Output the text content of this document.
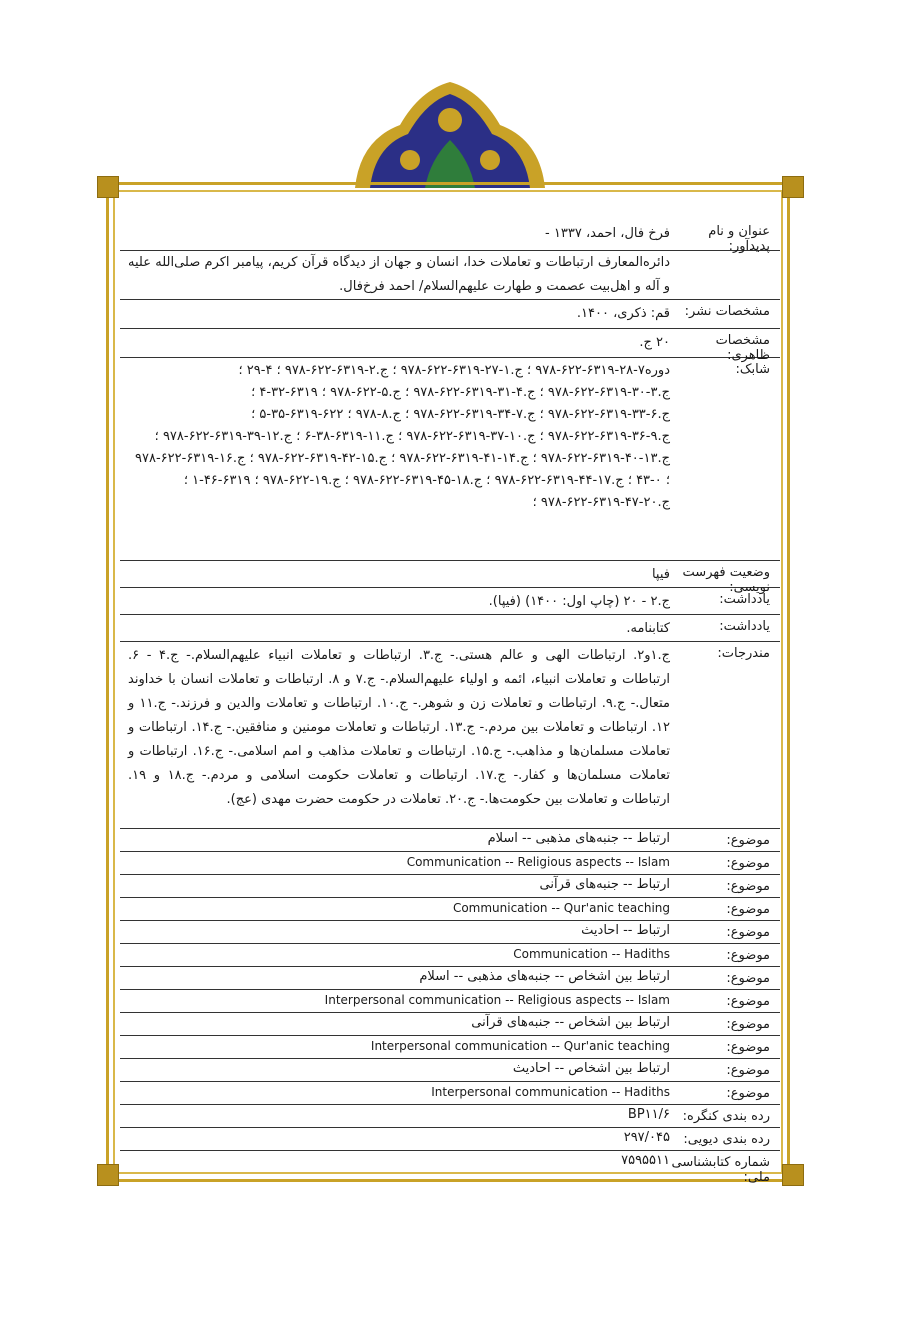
عنوان و نام پدیدآور:
فرخ فال، احمد، ۱۳۳۷ -
دائره‌المعارف ارتباطات و تعاملات خدا، انسان و جهان از دیدگاه قرآن کریم، پیامبر اکرم صلی‌الله علیه و آله و اهل‌بیت عصمت و طهارت علیهم‌السلام/ احمد فرخ‌فال.
مشخصات نشر:
قم: ذکری، ۱۴۰۰.
مشخصات ظاهری:
۲۰ ج.
شابک:
دوره۷-۲۸-۶۳۱۹-۶۲۲-۹۷۸ ؛ ج.۱-۲۷-۶۳۱۹-۶۲۲-۹۷۸ ؛ ج.۲-۶۳۱۹-۶۲۲-۹۷۸ ؛ ۴-۲۹ ؛ ج.۳-۳۰-۶۳۱۹-۶۲۲-۹۷۸ ؛ ج.۴-۳۱-۶۳۱۹-۶۲۲-۹۷۸ ؛ ج.۵-۶۲۲-۹۷۸ ؛ ۶۳۱۹-۳۲-۴ ؛ ج.۶-۳۳-۶۳۱۹-۶۲۲-۹۷۸ ؛ ج.۷-۳۴-۶۳۱۹-۶۲۲-۹۷۸ ؛ ج.۸-۹۷۸ ؛ ۶۲۲-۶۳۱۹-۳۵-۵ ؛ ج.۹-۳۶-۶۳۱۹-۶۲۲-۹۷۸ ؛ ج.۱۰-۳۷-۶۳۱۹-۶۲۲-۹۷۸ ؛ ج.۱۱-۶۳۱۹-۳۸-۶ ؛ ج.۱۲-۳۹-۶۳۱۹-۶۲۲-۹۷۸ ؛ ج.۱۳-۴۰-۶۳۱۹-۶۲۲-۹۷۸ ؛ ج.۱۴-۴۱-۶۳۱۹-۶۲۲-۹۷۸ ؛ ج.۱۵-۴۲-۶۳۱۹-۶۲۲-۹۷۸ ؛ ج.۱۶-۶۳۱۹-۶۲۲-۹۷۸ ؛ ۰-۴۳ ؛ ج.۱۷-۴۴-۶۳۱۹-۶۲۲-۹۷۸ ؛ ج.۱۸-۴۵-۶۳۱۹-۶۲۲-۹۷۸ ؛ ج.۱۹-۶۲۲-۹۷۸ ؛ ۶۳۱۹-۴۶-۱ ؛ ج.۲۰-۴۷-۶۳۱۹-۶۲۲-۹۷۸ ؛
وضعیت فهرست نویسی:
فیپا
یادداشت:
ج.۲ - ۲۰ (چاپ اول: ۱۴۰۰) (فیپا).
یادداشت:
کتابنامه.
مندرجات:
ج.۱و۲. ارتباطات الهی و عالم هستی.- ج.۳. ارتباطات و تعاملات انبیاء علیهم‌السلام.- ج.۴ - ۶. ارتباطات و تعاملات انبیاء، ائمه و اولیاء علیهم‌السلام.- ج.۷ و ۸. ارتباطات و تعاملات انسان با خداوند متعال.- ج.۹. ارتباطات و تعاملات زن و شوهر.- ج.۱۰. ارتباطات و تعاملات والدین و فرزند.- ج.۱۱ و ۱۲. ارتباطات و تعاملات بین مردم.- ج.۱۳. ارتباطات و تعاملات مومنین و منافقین.- ج.۱۴. ارتباطات و تعاملات مسلمان‌ها و مذاهب.- ج.۱۵. ارتباطات و تعاملات مذاهب و امم اسلامی.- ج.۱۶. ارتباطات و تعاملات مسلمان‌ها و کفار.- ج.۱۷. ارتباطات و تعاملات حکومت اسلامی و مردم.- ج.۱۸ و ۱۹. ارتباطات و تعاملات بین حکومت‌ها.- ج.۲۰. تعاملات در حکومت حضرت مهدی (عج).
موضوع:
ارتباط -- جنبه‌های مذهبی -- اسلام
موضوع:
Communication -- Religious aspects -- Islam
موضوع:
ارتباط -- جنبه‌های قرآنی
موضوع:
Communication -- Qur'anic teaching
موضوع:
ارتباط -- احادیث
موضوع:
Communication -- Hadiths
موضوع:
ارتباط بین اشخاص -- جنبه‌های مذهبی -- اسلام
موضوع:
Interpersonal communication -- Religious aspects -- Islam
موضوع:
ارتباط بین اشخاص -- جنبه‌های قرآنی
موضوع:
Interpersonal communication -- Qur'anic teaching
موضوع:
ارتباط بین اشخاص -- احادیث
موضوع:
Interpersonal communication -- Hadiths
رده بندی کنگره:
BP۱۱/۶
رده بندی دیویی:
۲۹۷/۰۴۵
شماره کتابشناسی ملی:
۷۵۹۵۵۱۱
